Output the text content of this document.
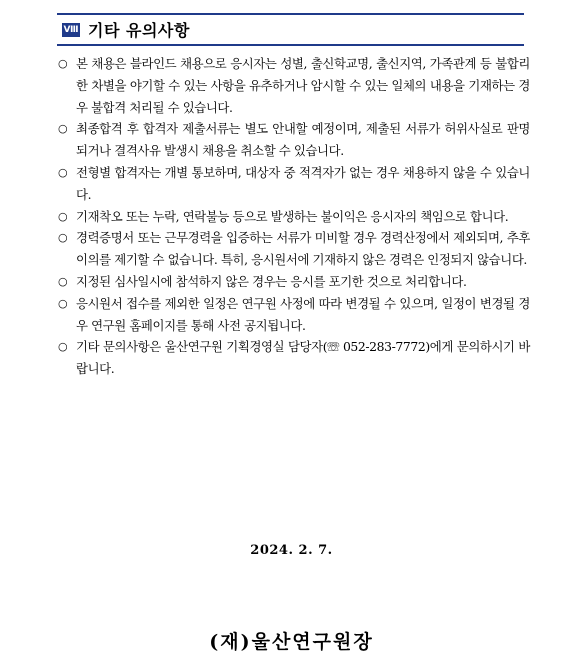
Ⅷ 기타 유의사항
○ 본 채용은 블라인드 채용으로 응시자는 성별, 출신학교명, 출신지역, 가족관계 등 불합리한 차별을 야기할 수 있는 사항을 유추하거나 암시할 수 있는 일체의 내용을 기재하는 경우 불합격 처리될 수 있습니다.
○ 최종합격 후 합격자 제출서류는 별도 안내할 예정이며, 제출된 서류가 허위사실로 판명되거나 결격사유 발생시 채용을 취소할 수 있습니다.
○ 전형별 합격자는 개별 통보하며, 대상자 중 적격자가 없는 경우 채용하지 않을 수 있습니다.
○ 기재착오 또는 누락, 연락불능 등으로 발생하는 불이익은 응시자의 책임으로 합니다.
○ 경력증명서 또는 근무경력을 입증하는 서류가 미비할 경우 경력산정에서 제외되며, 추후 이의를 제기할 수 없습니다. 특히, 응시원서에 기재하지 않은 경력은 인정되지 않습니다.
○ 지정된 심사일시에 참석하지 않은 경우는 응시를 포기한 것으로 처리합니다.
○ 응시원서 접수를 제외한 일정은 연구원 사정에 따라 변경될 수 있으며, 일정이 변경될 경우 연구원 홈페이지를 통해 사전 공지됩니다.
○ 기타 문의사항은 울산연구원 기획경영실 담당자(☏ 052-283-7772)에게 문의하시기 바랍니다.
2024. 2. 7.
(재)울산연구원장
